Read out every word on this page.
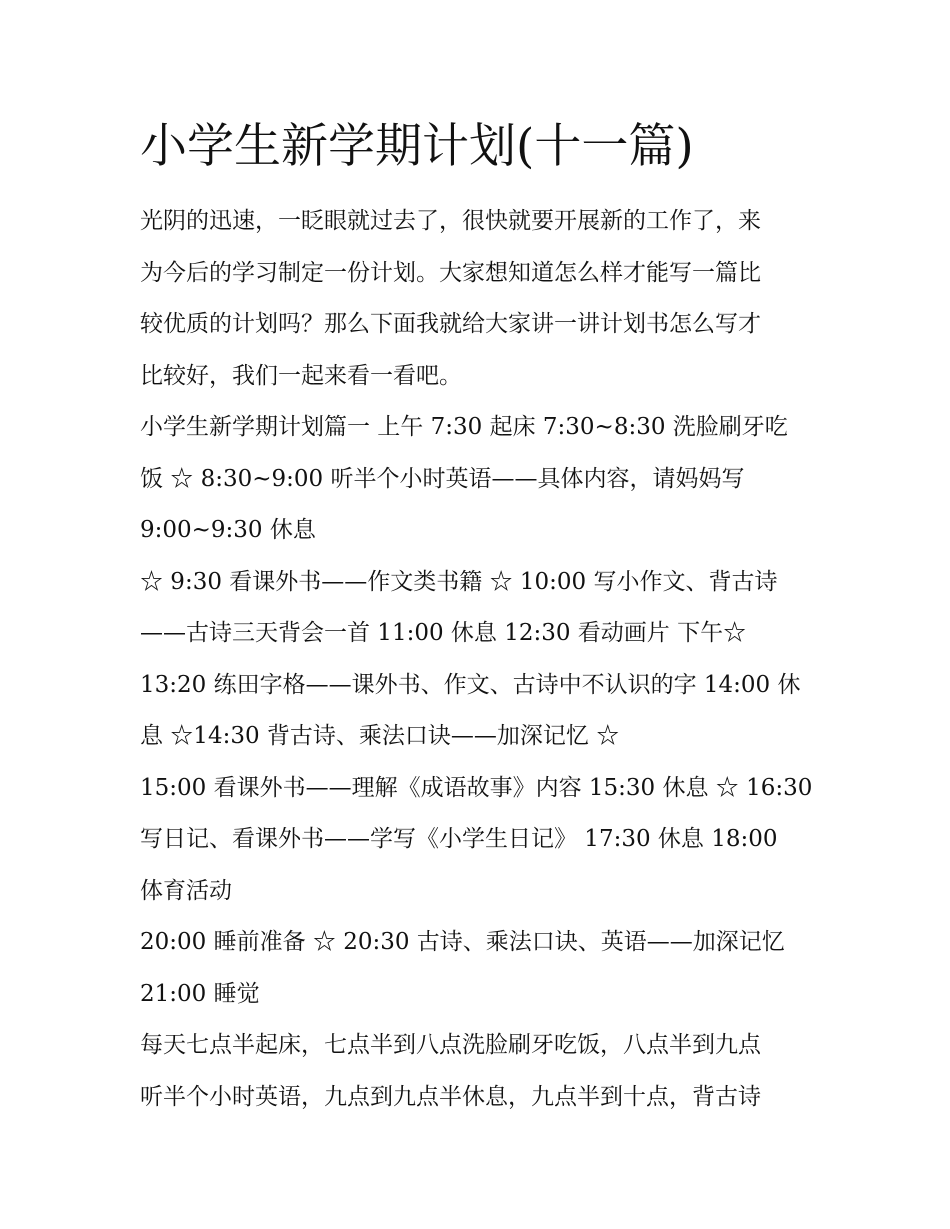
小学生新学期计划(十一篇)
光阴的迅速，一眨眼就过去了，很快就要开展新的工作了，来
为今后的学习制定一份计划。大家想知道怎么样才能写一篇比
较优质的计划吗？那么下面我就给大家讲一讲计划书怎么写才
比较好，我们一起来看一看吧。
小学生新学期计划篇一 上午 7:30 起床 7:30~8:30 洗脸刷牙吃
饭 ☆ 8:30~9:00 听半个小时英语——具体内容，请妈妈写
9:00~9:30 休息
☆ 9:30 看课外书——作文类书籍 ☆ 10:00 写小作文、背古诗
——古诗三天背会一首 11:00 休息 12:30 看动画片 下午☆
13:20 练田字格——课外书、作文、古诗中不认识的字 14:00 休
息 ☆14:30 背古诗、乘法口诀——加深记忆 ☆
15:00 看课外书——理解《成语故事》内容 15:30 休息 ☆ 16:30
写日记、看课外书——学写《小学生日记》 17:30 休息 18:00
体育活动
20:00 睡前准备 ☆ 20:30 古诗、乘法口诀、英语——加深记忆
21:00 睡觉
每天七点半起床，七点半到八点洗脸刷牙吃饭，八点半到九点
听半个小时英语，九点到九点半休息，九点半到十点，背古诗
